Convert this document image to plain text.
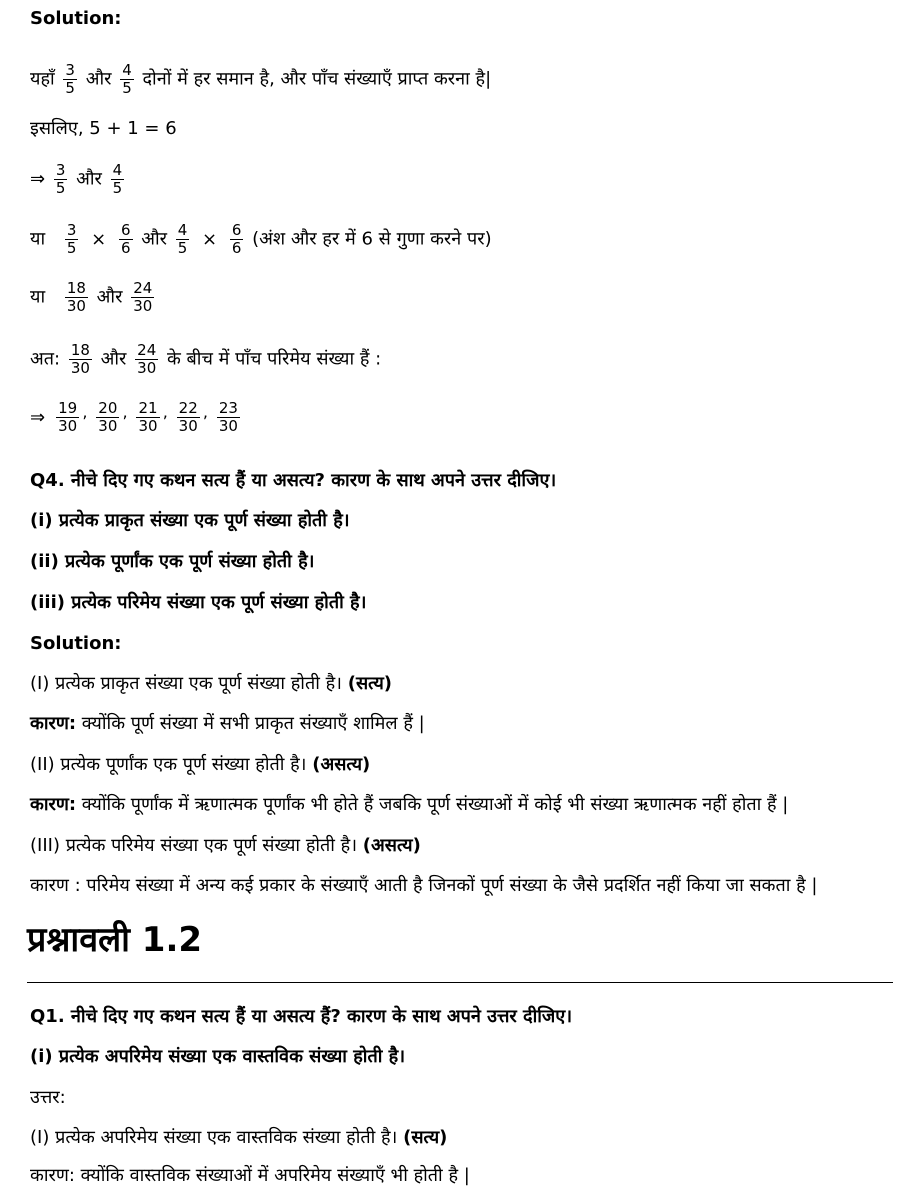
Solution:
यहाँ $\frac{3}{5}$ और $\frac{4}{5}$ दोनों में हर समान है, और पाँच संख्याएँ प्राप्त करना है|
इसलिए, 5 + 1 = 6
⇒ $\frac{3}{5}$ और $\frac{4}{5}$
या $\frac{3}{5} \times \frac{6}{6}$ और $\frac{4}{5} \times \frac{6}{6}$ (अंश और हर में 6 से गुणा करने पर)
या $\frac{18}{30}$ और $\frac{24}{30}$
अत: $\frac{18}{30}$ और $\frac{24}{30}$ के बीच में पाँच परिमेय संख्या हैं :
⇒ $\frac{19}{30}$ ’ $\frac{20}{30}$ ’ $\frac{21}{30}$ ’ $\frac{22}{30}$ ’ $\frac{23}{30}$
Q4. नीचे दिए गए कथन सत्य हैं या असत्य? कारण के साथ अपने उत्तर दीजिए।
(i) प्रत्येक प्राकृत संख्या एक पूर्ण संख्या होती है।
(ii) प्रत्येक पूर्णांक एक पूर्ण संख्या होती है।
(iii) प्रत्येक परिमेय संख्या एक पूर्ण संख्या होती है।
Solution:
(I) प्रत्येक प्राकृत संख्या एक पूर्ण संख्या होती है। (सत्य)
कारण: क्योंकि पूर्ण संख्या में सभी प्राकृत संख्याएँ शामिल हैं |
(II) प्रत्येक पूर्णांक एक पूर्ण संख्या होती है। (असत्य)
कारण: क्योंकि पूर्णांक में ऋणात्मक पूर्णांक भी होते हैं जबकि पूर्ण संख्याओं में कोई भी संख्या ऋणात्मक नहीं होता हैं |
(III) प्रत्येक परिमेय संख्या एक पूर्ण संख्या होती है। (असत्य)
कारण : परिमेय संख्या में अन्य कई प्रकार के संख्याएँ आती है जिनकों पूर्ण संख्या के जैसे प्रदर्शित नहीं किया जा सकता है |
प्रश्नावली 1.2
Q1. नीचे दिए गए कथन सत्य हैं या असत्य हैं? कारण के साथ अपने उत्तर दीजिए।
(i) प्रत्येक अपरिमेय संख्या एक वास्तविक संख्या होती है।
उत्तर:
(I) प्रत्येक अपरिमेय संख्या एक वास्तविक संख्या होती है। (सत्य)
कारण: क्योंकि वास्तविक संख्याओं में अपरिमेय संख्याएँ भी होती है |
